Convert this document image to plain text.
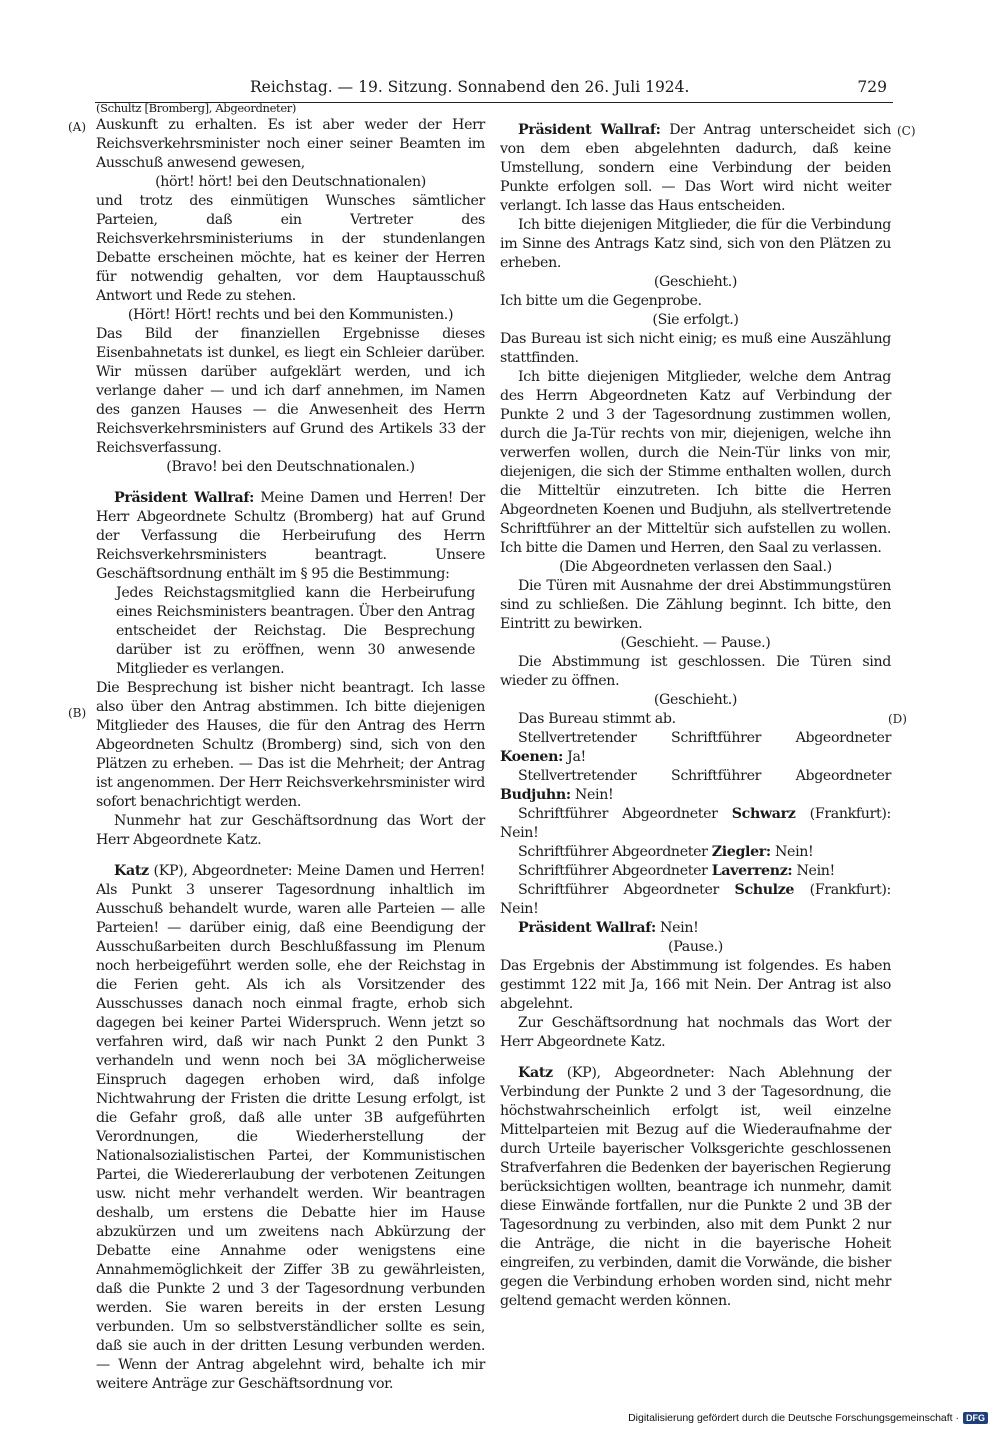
Reichstag. — 19. Sitzung. Sonnabend den 26. Juli 1924.	729
(A)
(B)
(C)
(D)

(Schultz [Bromberg], Abgeordneter)

Auskunft zu erhalten. Es ist aber weder der Herr Reichsverkehrsminister noch einer seiner Beamten im Ausschuß anwesend gewesen,

(hört! hört! bei den Deutschnationalen)

und trotz des einmütigen Wunsches sämtlicher Parteien, daß ein Vertreter des Reichsverkehrsministeriums in der stundenlangen Debatte erscheinen möchte, hat es keiner der Herren für notwendig gehalten, vor dem Hauptausschuß Antwort und Rede zu stehen.

(Hört! Hört! rechts und bei den Kommunisten.)

Das Bild der finanziellen Ergebnisse dieses Eisenbahnetats ist dunkel, es liegt ein Schleier darüber. Wir müssen darüber aufgeklärt werden, und ich verlange daher — und ich darf annehmen, im Namen des ganzen Hauses — die Anwesenheit des Herrn Reichsverkehrsministers auf Grund des Artikels 33 der Reichsverfassung.

(Bravo! bei den Deutschnationalen.)

Präsident Wallraf: Meine Damen und Herren! Der Herr Abgeordnete Schultz (Bromberg) hat auf Grund der Verfassung die Herbeirufung des Herrn Reichsverkehrsministers beantragt. Unsere Geschäftsordnung enthält im § 95 die Bestimmung:

Jedes Reichstagsmitglied kann die Herbeirufung eines Reichsministers beantragen. Über den Antrag entscheidet der Reichstag. Die Besprechung darüber ist zu eröffnen, wenn 30 anwesende Mitglieder es verlangen.

Die Besprechung ist bisher nicht beantragt. Ich lasse also über den Antrag abstimmen. Ich bitte diejenigen Mitglieder des Hauses, die für den Antrag des Herrn Abgeordneten Schultz (Bromberg) sind, sich von den Plätzen zu erheben. — Das ist die Mehrheit; der Antrag ist angenommen. Der Herr Reichsverkehrsminister wird sofort benachrichtigt werden.

Nunmehr hat zur Geschäftsordnung das Wort der Herr Abgeordnete Katz.

Katz (KP), Abgeordneter: Meine Damen und Herren! Als Punkt 3 unserer Tagesordnung inhaltlich im Ausschuß behandelt wurde, waren alle Parteien — alle Parteien! — darüber einig, daß eine Beendigung der Ausschußarbeiten durch Beschlußfassung im Plenum noch herbeigeführt werden solle, ehe der Reichstag in die Ferien geht. Als ich als Vorsitzender des Ausschusses danach noch einmal fragte, erhob sich dagegen bei keiner Partei Widerspruch. Wenn jetzt so verfahren wird, daß wir nach Punkt 2 den Punkt 3 verhandeln und wenn noch bei 3A möglicherweise Einspruch dagegen erhoben wird, daß infolge Nichtwahrung der Fristen die dritte Lesung erfolgt, ist die Gefahr groß, daß alle unter 3B aufgeführten Verordnungen, die Wiederherstellung der Nationalsozialistischen Partei, der Kommunistischen Partei, die Wiedererlaubung der verbotenen Zeitungen usw. nicht mehr verhandelt werden. Wir beantragen deshalb, um erstens die Debatte hier im Hause abzukürzen und um zweitens nach Abkürzung der Debatte eine Annahme oder wenigstens eine Annahmemöglichkeit der Ziffer 3B zu gewährleisten, daß die Punkte 2 und 3 der Tagesordnung verbunden werden. Sie waren bereits in der ersten Lesung verbunden. Um so selbstverständlicher sollte es sein, daß sie auch in der dritten Lesung verbunden werden. — Wenn der Antrag abgelehnt wird, behalte ich mir weitere Anträge zur Geschäftsordnung vor.

Präsident Wallraf: Der Antrag unterscheidet sich von dem eben abgelehnten dadurch, daß keine Umstellung, sondern eine Verbindung der beiden Punkte erfolgen soll. — Das Wort wird nicht weiter verlangt. Ich lasse das Haus entscheiden.

Ich bitte diejenigen Mitglieder, die für die Verbindung im Sinne des Antrags Katz sind, sich von den Plätzen zu erheben.

(Geschieht.)

Ich bitte um die Gegenprobe.

(Sie erfolgt.)

Das Bureau ist sich nicht einig; es muß eine Auszählung stattfinden.

Ich bitte diejenigen Mitglieder, welche dem Antrag des Herrn Abgeordneten Katz auf Verbindung der Punkte 2 und 3 der Tagesordnung zustimmen wollen, durch die Ja-Tür rechts von mir, diejenigen, welche ihn verwerfen wollen, durch die Nein-Tür links von mir, diejenigen, die sich der Stimme enthalten wollen, durch die Mitteltür einzutreten. Ich bitte die Herren Abgeordneten Koenen und Budjuhn, als stellvertretende Schriftführer an der Mitteltür sich aufstellen zu wollen. Ich bitte die Damen und Herren, den Saal zu verlassen.

(Die Abgeordneten verlassen den Saal.)

Die Türen mit Ausnahme der drei Abstimmungstüren sind zu schließen. Die Zählung beginnt. Ich bitte, den Eintritt zu bewirken.

(Geschieht. — Pause.)

Die Abstimmung ist geschlossen. Die Türen sind wieder zu öffnen.

(Geschieht.)

Das Bureau stimmt ab.

Stellvertretender Schriftführer Abgeordneter Koenen: Ja!

Stellvertretender Schriftführer Abgeordneter Budjuhn: Nein!

Schriftführer Abgeordneter Schwarz (Frankfurt): Nein!

Schriftführer Abgeordneter Ziegler: Nein!

Schriftführer Abgeordneter Laverrenz: Nein!

Schriftführer Abgeordneter Schulze (Frankfurt): Nein!

Präsident Wallraf: Nein!

(Pause.)

Das Ergebnis der Abstimmung ist folgendes. Es haben gestimmt 122 mit Ja, 166 mit Nein. Der Antrag ist also abgelehnt.

Zur Geschäftsordnung hat nochmals das Wort der Herr Abgeordnete Katz.

Katz (KP), Abgeordneter: Nach Ablehnung der Verbindung der Punkte 2 und 3 der Tagesordnung, die höchstwahrscheinlich erfolgt ist, weil einzelne Mittelparteien mit Bezug auf die Wiederaufnahme der durch Urteile bayerischer Volksgerichte geschlossenen Strafverfahren die Bedenken der bayerischen Regierung berücksichtigen wollten, beantrage ich nunmehr, damit diese Einwände fortfallen, nur die Punkte 2 und 3B der Tagesordnung zu verbinden, also mit dem Punkt 2 nur die Anträge, die nicht in die bayerische Hoheit eingreifen, zu verbinden, damit die Vorwände, die bisher gegen die Verbindung erhoben worden sind, nicht mehr geltend gemacht werden können.

Digitalisierung gefördert durch die Deutsche Forschungsgemeinschaft · DFG
